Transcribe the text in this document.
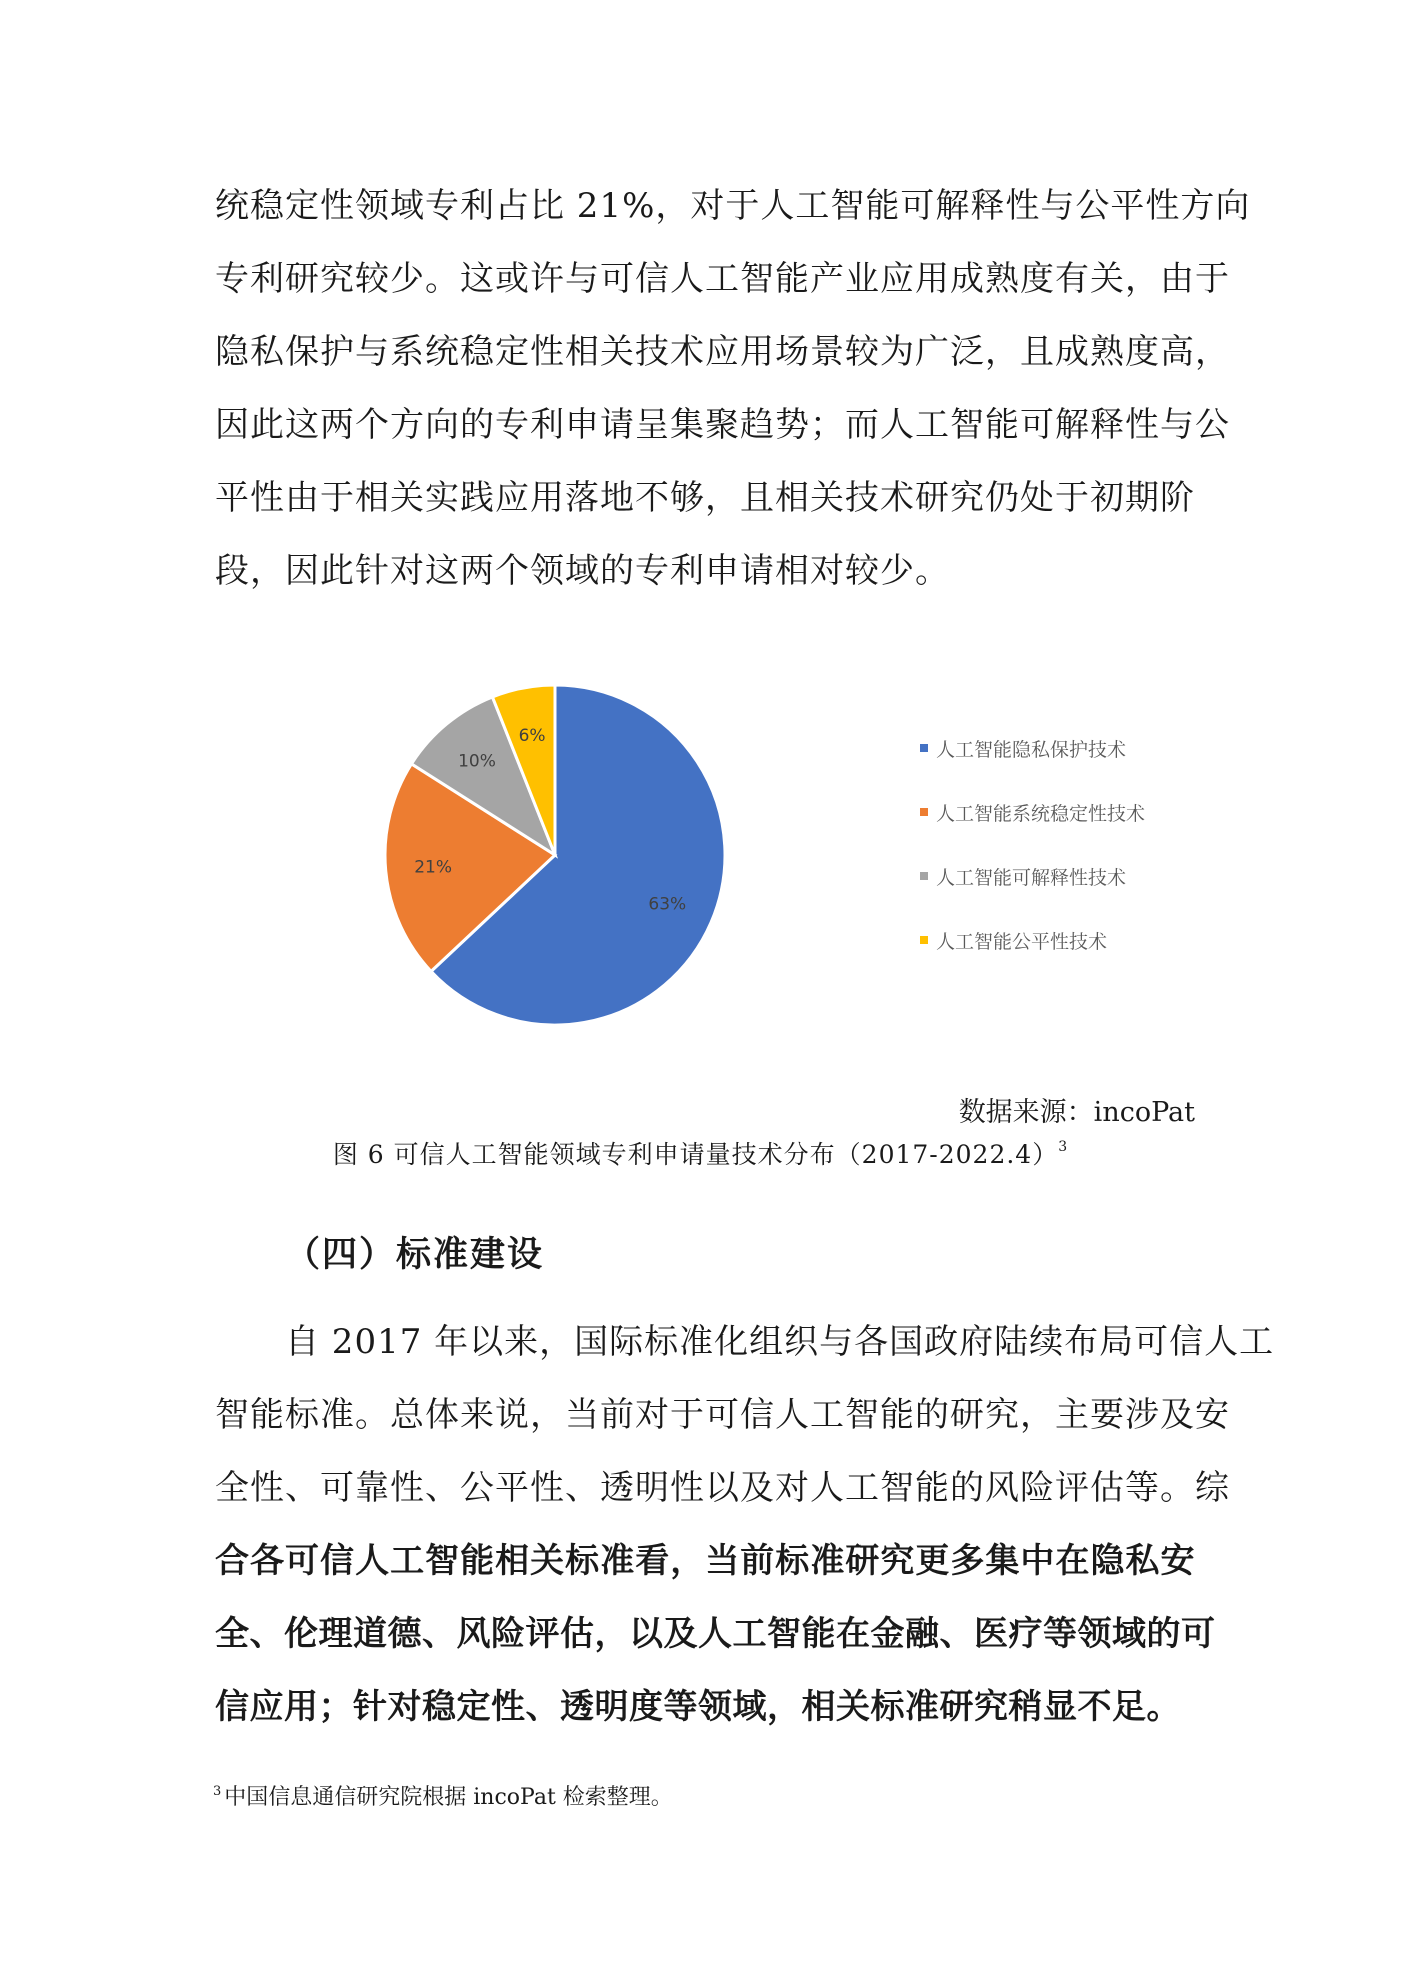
统稳定性领域专利占比 21%，对于人工智能可解释性与公平性方向
专利研究较少。这或许与可信人工智能产业应用成熟度有关，由于
隐私保护与系统稳定性相关技术应用场景较为广泛，且成熟度高，
因此这两个方向的专利申请呈集聚趋势；而人工智能可解释性与公
平性由于相关实践应用落地不够，且相关技术研究仍处于初期阶
段，因此针对这两个领域的专利申请相对较少。
63%
21%
10%
6%
人工智能隐私保护技术
人工智能系统稳定性技术
人工智能可解释性技术
人工智能公平性技术
数据来源：incoPat
图 6 可信人工智能领域专利申请量技术分布$(2017-2022.4)^3$
（四）标准建设
自 2017 年以来，国际标准化组织与各国政府陆续布局可信人工
智能标准。总体来说，当前对于可信人工智能的研究，主要涉及安
全性、可靠性、公平性、透明性以及对人工智能的风险评估等。综
合各可信人工智能相关标准看，当前标准研究更多集中在隐私安
全、伦理道德、风险评估，以及人工智能在金融、医疗等领域的可
信应用；针对稳定性、透明度等领域，相关标准研究稍显不足。
$^3$ 中国信息通信研究院根据 incoPat 检索整理。
